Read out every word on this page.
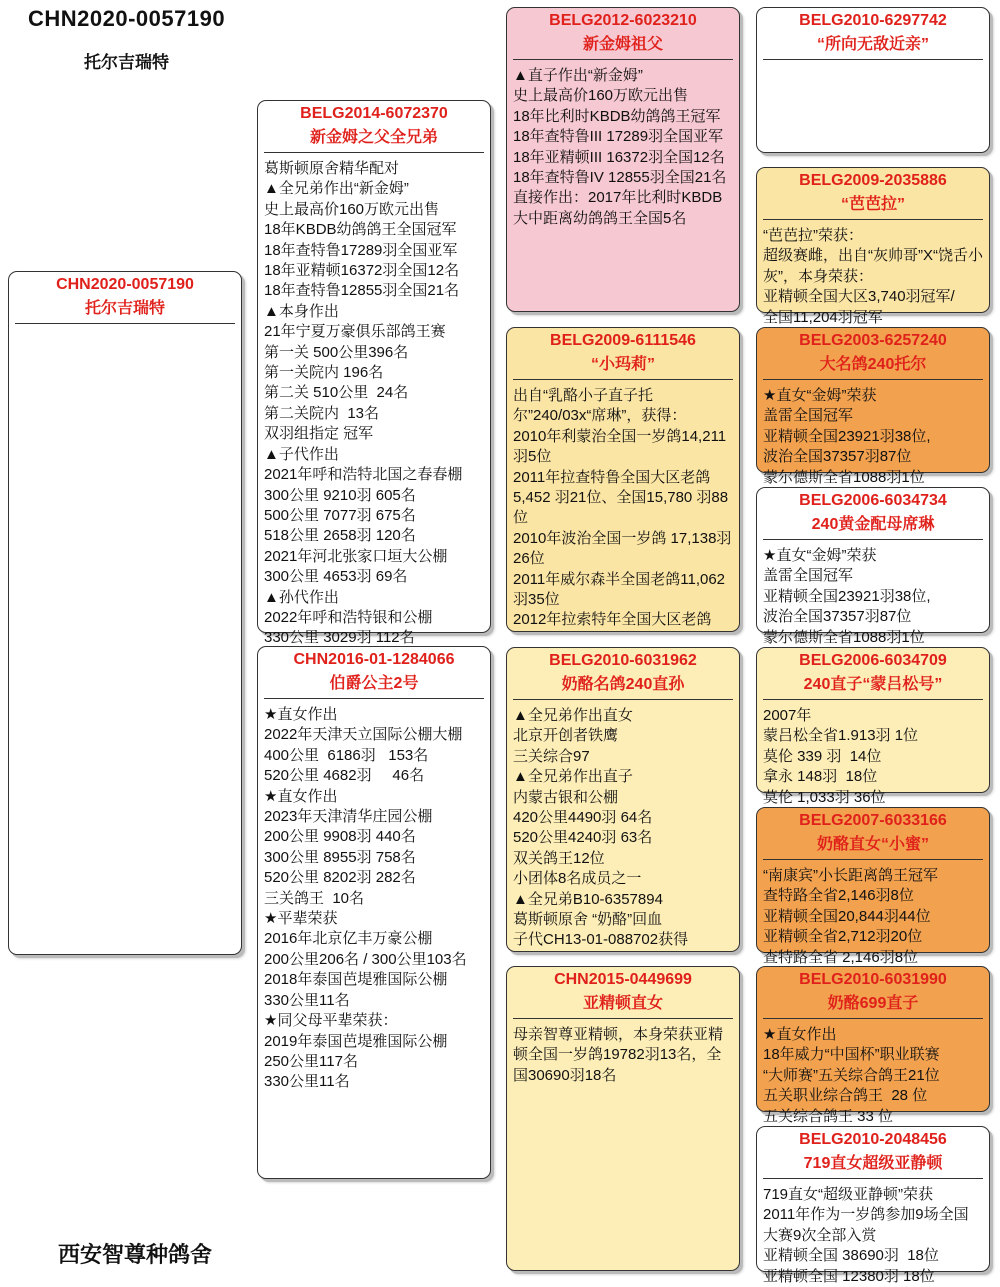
CHN2020-0057190
托尔吉瑞特
CHN2020-0057190
托尔吉瑞特
BELG2014-6072370
新金姆之父全兄弟
葛斯顿原舍精华配对
▲全兄弟作出“新金姆”
史上最高价160万欧元出售
18年KBDB幼鸽鸽王全国冠军
18年查特鲁17289羽全国亚军
18年亚精顿16372羽全国12名
18年查特鲁12855羽全国21名
▲本身作出
21年宁夏万豪俱乐部鸽王赛
第一关 500公里396名
第一关院内 196名
第二关 510公里  24名
第二关院内  13名
双羽组指定 冠军
▲子代作出
2021年呼和浩特北国之春春棚
300公里 9210羽 605名
500公里 7077羽 675名
518公里 2658羽 120名
2021年河北张家口垣大公棚
300公里 4653羽 69名
▲孙代作出
2022年呼和浩特银和公棚
330公里 3029羽 112名
CHN2016-01-1284066
伯爵公主2号
★直女作出
2022年天津天立国际公棚大棚
400公里  6186羽   153名
520公里 4682羽     46名
★直女作出
2023年天津清华庄园公棚
200公里 9908羽 440名
300公里 8955羽 758名
520公里 8202羽 282名
三关鸽王  10名
★平辈荣获
2016年北京亿丰万豪公棚
200公里206名 / 300公里103名
2018年泰国芭堤雅国际公棚
330公里11名
★同父母平辈荣获：
2019年泰国芭堤雅国际公棚
250公里117名
330公里11名
BELG2012-6023210
新金姆祖父
▲直子作出“新金姆”
史上最高价160万欧元出售
18年比利时KBDB幼鸽鸽王冠军
18年查特鲁III 17289羽全国亚军
18年亚精顿III 16372羽全国12名
18年查特鲁IV 12855羽全国21名
直接作出：2017年比利时KBDB大中距离幼鸽鸽王全国5名
BELG2009-6111546
“小玛莉”
出自“乳酪小子直子托尔”240/03x“席琳”，获得：
2010年利蒙治全国一岁鸽14,211 羽5位
2011年拉查特鲁全国大区老鸽5,452 羽21位、全国15,780 羽88位
2010年波治全国一岁鸽 17,138羽26位
2011年威尔森半全国老鸽11,062 羽35位
2012年拉索特年全国大区老鸽
BELG2010-6031962
奶酪名鸽240直孙
▲全兄弟作出直女
北京开创者铁鹰
三关综合97
▲全兄弟作出直子
内蒙古银和公棚
420公里4490羽 64名
520公里4240羽 63名
双关鸽王12位
小团体8名成员之一
▲全兄弟B10-6357894
葛斯顿原舍 “奶酪”回血
子代CH13-01-088702获得
CHN2015-0449699
亚精顿直女
母亲智尊亚精顿，本身荣获亚精顿全国一岁鸽19782羽13名，全国30690羽18名
BELG2010-6297742
“所向无敌近亲”
BELG2009-2035886
“芭芭拉”
“芭芭拉”荣获：
超级赛雌，出自“灰帅哥”X“饶舌小灰”，本身荣获：
亚精顿全国大区3,740羽冠军/
全国11,204羽冠军
BELG2003-6257240
大名鸽240托尔
★直女“金姆”荣获
盖雷全国冠军
亚精顿全国23921羽38位,
波治全国37357羽87位
蒙尔德斯全省1088羽1位
BELG2006-6034734
240黄金配母席琳
★直女“金姆”荣获
盖雷全国冠军
亚精顿全国23921羽38位,
波治全国37357羽87位
蒙尔德斯全省1088羽1位
BELG2006-6034709
240直子“蒙吕松号”
2007年
蒙吕松全省1.913羽 1位
莫伦 339 羽  14位
拿永 148羽  18位
莫伦 1,033羽 36位
BELG2007-6033166
奶酪直女“小蜜”
“南康宾”小长距离鸽王冠军
查特路全省2,146羽8位
亚精顿全国20,844羽44位
亚精顿全省2,712羽20位
查特路全省 2,146羽8位
BELG2010-6031990
奶酪699直子
★直女作出
18年威力“中国杯”职业联赛
“大师赛”五关综合鸽王21位
五关职业综合鸽王  28 位
五关综合鸽王 33 位
BELG2010-2048456
719直女超级亚静顿
719直女“超级亚静顿”荣获
2011年作为一岁鸽参加9场全国大赛9次全部入赏
亚精顿全国 38690羽  18位
亚精顿全国 12380羽 18位
西安智尊种鸽舍
